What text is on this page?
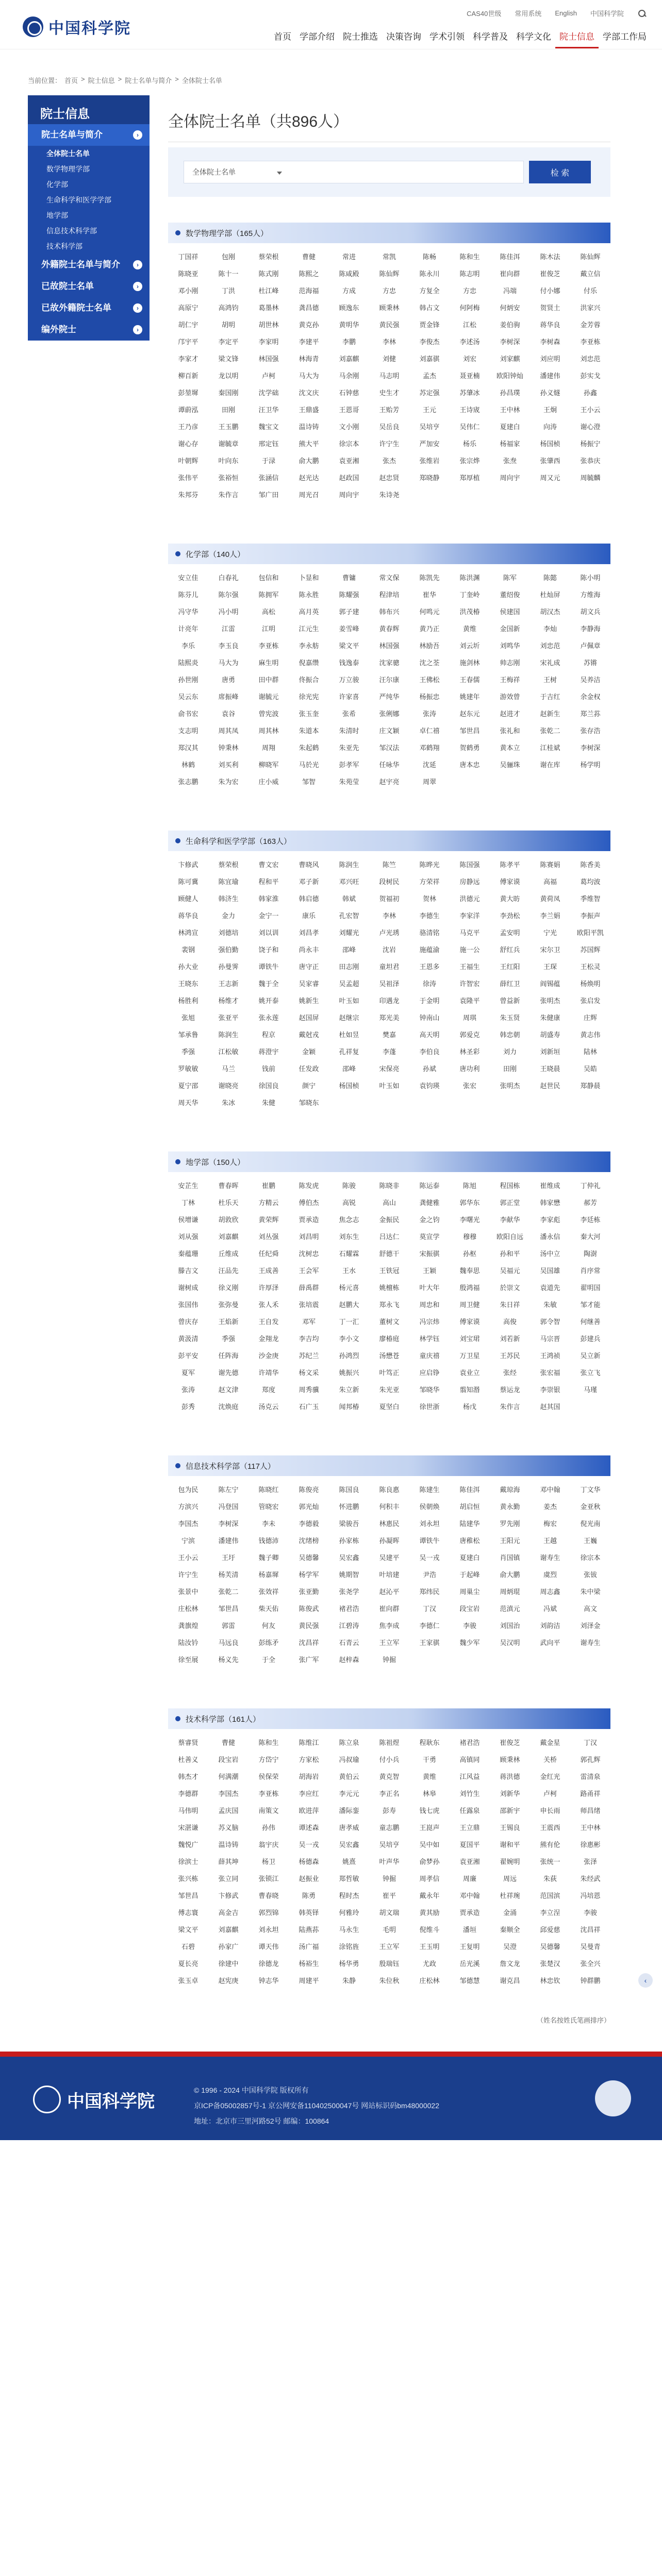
中国科学院
CAS40世级 常用系统 English 中国科学院
首页 学部介绍 院士推选 决策咨询 学术引领 科学普及 科学文化 院士信息 学部工作局
当前位置： 首页 > 院士信息 > 院士名单与简介 > 全体院士名单
院士信息
院士名单与简介	›
全体院士名单
数学物理学部
化学部
生命科学和医学学部
地学部
信息技术科学部
技术科学部
外籍院士名单与简介	›
已故院士名单	›
已故外籍院士名单	›
编外院士	›
全体院士名单（共896人）
全体院士名单	检 索
数学物理学部 （165人）
丁国祥	包刚	蔡荣根	曹健	常进	常凯	陈畅	陈和生	陈佳洱	陈木法	陈仙辉
陈晓亚	陈十一	陈式刚	陈熙之	陈咸殿	陈仙辉	陈永川	陈志明	崔向群	崔俊芝	戴立信
邓小刚	丁洪	杜江峰	范海福	方成	方忠	方复全	方忠	冯端	付小娜	付乐
高原宁	高鸿钧	葛墨林	龚昌德	顾逸东	顾秉林	韩占文	何阿梅	何炳安	贺贤土	洪家兴
胡仁宇	胡明	胡世林	黄克孙	黄明华	黄民强	贾金锋	江松	姜伯驹	蒋华良	金芳蓉
邝宇平	李定平	李家明	李建平	李鹏	李林	李俊杰	李述汤	李树深	李树森	李亚栋
李家才	梁文锋	林国强	林海青	刘嘉麒	刘健	刘嘉骐	刘宏	刘家麒	刘应明	刘忠范
柳百新	龙以明	卢柯	马大为	马余刚	马志明	孟杰	聂亚楠	欧阳钟灿	潘建伟	彭实戈
彭堃墀	秦国刚	沈学础	沈文庆	石钟慈	史生才	苏定强	苏肇冰	孙昌璞	孙义燧	孙鑫
谭蔚泓	田刚	汪卫华	王鼎盛	王恩哥	王贻芳	王元	王诗宬	王中林	王炯	王小云
王乃彦	王玉鹏	魏宝文	温诗铸	文小刚	吴岳良	吴培亨	吴伟仁	夏建白	向涛	谢心澄
谢心存	谢毓章	邢定钰	熊大平	徐宗本	许宁生	严加安	杨乐	杨福家	杨国桢	杨振宁
叶朝辉	叶向东	于渌	俞大鹏	袁亚湘	张杰	张维岩	张宗烨	张焘	张肇西	张恭庆
张伟平	张裕恒	张涵信	赵光达	赵政国	赵忠贤	郑晓静	郑厚植	周向宇	周又元	周毓麟
朱邦芬	朱作言	邹广田	周光召	周向宇	朱诗尧
化学部 （140人）
安立佳	白春礼	包信和	卜显和	曹镛	常文保	陈凯先	陈洪渊	陈军	陈懿	陈小明
陈芬儿	陈尔强	陈拥军	陈永胜	陈耀强	程津培	崔华	丁奎岭	董绍俊	杜灿屏	方维海
冯守华	冯小明	高松	高月英	郭子建	韩布兴	何鸣元	洪茂椿	侯建国	胡汉杰	胡文兵
计亮年	江雷	江明	江元生	姜雪峰	黄春辉	黄乃正	黄维	金国新	李灿	李静海
李乐	李玉良	李亚栋	李永舫	梁文平	林国强	林励吾	刘云圻	刘鸣华	刘忠范	卢佩章
陆熙炎	马大为	麻生明	倪嘉缵	钱逸泰	沈家骢	沈之荃	施剑林	帅志刚	宋礼成	苏锵
孙世刚	唐勇	田中群	佟振合	万立骏	汪尔康	王佛松	王春儒	王梅祥	王树	吴养洁
吴云东	席振峰	谢毓元	徐光宪	许家喜	严纯华	杨振忠	姚建年	游效曾	于吉红	余金权
俞书宏	袁谷	曾宪波	张玉奎	张希	张俐娜	张涛	赵东元	赵进才	赵新生	郑兰荪
支志明	周其凤	周其林	朱道本	朱清时	庄文颖	卓仁禧	邹世昌	张礼和	张乾二	张存浩
郑汉其	钟秉林	周翔	朱起鹤	朱亚先	邹汉法	邓鹤翔	贺鹤勇	黄本立	江桂斌	李树深
林鹤	刘买利	柳晓军	马於光	彭孝军	任咏华	沈延	唐本忠	吴骊珠	谢在库	杨学明
张志鹏	朱为宏	庄小威	邹智	朱苑莹	赵宇亮	周翠
生命科学和医学学部 （163人）
卞修武	蔡荣根	曹文宏	曹晓风	陈润生	陈竺	陈晔光	陈国强	陈孝平	陈赛娟	陈香美
陈可冀	陈宜瑜	程和平	邓子新	邓兴旺	段树民	方荣祥	房静远	傅家谟	高福	葛均波
顾健人	韩济生	韩家淮	韩启德	韩斌	贺福初	贺林	洪德元	黄大昉	黄荷凤	季维智
蒋华良	金力	金宁一	康乐	孔宏智	李林	李德生	李家洋	李劲松	李兰娟	李振声
林鸿宣	刘德培	刘以训	刘昌孝	刘耀光	卢光琇	骆清铭	马克平	孟安明	宁光	欧阳平凯
裴钢	强伯勤	饶子和	尚永丰	邵峰	沈岩	施蕴渝	施一公	舒红兵	宋尔卫	苏国辉
孙大业	孙曼霁	谭铁牛	唐守正	田志刚	童坦君	王恩多	王福生	王红阳	王琛	王松灵
王晓东	王志新	魏于全	吴家睿	吴孟超	吴祖泽	徐涛	许智宏	薛红卫	阎锡蕴	杨焕明
杨胜利	杨维才	姚开泰	姚新生	叶玉如	印遇龙	于金明	袁隆平	曾益新	张明杰	张启发
张旭	张亚平	张永莲	赵国屏	赵继宗	郑光美	钟南山	周琪	朱玉贤	朱健康	庄辉
邹承鲁	陈润生	程京	戴尅戎	杜如昱	樊嘉	高天明	郭爱克	韩忠朝	胡盛寿	黄志伟
季强	江松敏	蒋澄宇	金颖	孔祥复	李蓬	李伯良	林圣彩	刘力	刘新垣	陆林
罗敏敏	马兰	钱前	任发政	邵峰	宋保亮	孙斌	唐功利	田刚	王晓晨	吴皓
夏宁邵	谢晓亮	徐国良	颜宁	杨国桢	叶玉如	袁钧瑛	张宏	张明杰	赵世民	郑静晨
周天华	朱冰	朱健	邹晓东
地学部 （150人）
安芷生	曹春晖	崔鹏	陈发虎	陈骏	陈晓非	陈运泰	陈旭	程国栋	崔维成	丁仲礼
丁林	杜乐天	方精云	傅伯杰	高锐	高山	龚健雅	郭华东	郭正堂	韩家懋	郝芳
侯增谦	胡敦欣	黄荣辉	贾承造	焦念志	金振民	金之钧	李曙光	李献华	李家彪	李廷栋
刘从强	刘嘉麒	刘丛强	刘昌明	刘东生	吕达仁	莫宣学	穆穆	欧阳自远	潘永信	秦大河
秦蕴珊	丘维成	任纪舜	沈树忠	石耀霖	舒德干	宋振骐	孙枢	孙和平	汤中立	陶澍
滕吉文	汪品先	王成善	王会军	王水	王铁冠	王颖	魏奉思	吴福元	吴国雄	肖序常
谢树成	徐义刚	许厚泽	薛禹群	杨元喜	姚檀栋	叶大年	殷鸿福	於崇文	袁道先	翟明国
张国伟	张弥曼	张人禾	张培震	赵鹏大	郑永飞	周忠和	周卫健	朱日祥	朱敏	邹才能
曾庆存	王焰新	王自发	邓军	丁一汇	董树文	冯宗炜	傅家谟	高俊	郭令智	何继善
黄汲清	季强	金翔龙	李吉均	李小文	廖椿庭	林学钰	刘宝珺	刘若新	马宗晋	彭建兵
彭平安	任阵海	沙金庚	苏纪兰	孙鸿烈	汤懋苍	童庆禧	万卫星	王苏民	王鸿祯	吴立新
夏军	谢先德	许靖华	杨文采	姚振兴	叶笃正	应启铮	袁业立	张经	张宏福	张立飞
张涛	赵文津	郑度	周秀骥	朱立新	朱光亚	邹晓华	翦知湣	蔡运龙	李崇银	马瑾
彭秀	沈焕庭	汤克云	石广玉	闻邦椿	夏坚白	徐世浙	杨戊	朱作言	赵其国
信息技术科学部 （117人）
包为民	陈左宁	陈晓红	陈俊亮	陈国良	陈良惠	陈建生	陈佳洱	戴琼海	邓中翰	丁文华
方滨兴	冯登国	管晓宏	郭光灿	怀进鹏	何积丰	侯朝焕	胡启恒	黄永勤	姜杰	金亚秋
李国杰	李树深	李未	李德毅	梁骏吾	林惠民	刘永坦	陆建华	罗先刚	梅宏	倪光南
宁滨	潘建伟	钱德沛	沈绪榜	孙家栋	孙凝晖	谭铁牛	唐稚松	王阳元	王越	王巍
王小云	王圩	魏子卿	吴德馨	吴宏鑫	吴建平	吴一戎	夏建白	肖国镇	谢寿生	徐宗本
许宁生	杨芙清	杨嘉墀	杨学军	姚期智	叶培建	尹浩	于起峰	俞大鹏	虞烈	张钹
张景中	张乾二	张效祥	张亚勤	张尧学	赵沁平	郑纬民	周巢尘	周炳琨	周志鑫	朱中梁
庄松林	邹世昌	柴天佑	陈俊武	褚君浩	崔向群	丁汉	段宝岩	范滇元	冯斌	高文
龚旗煌	郭雷	何友	黄民强	江碧涛	焦李成	李德仁	李骏	刘国治	刘韵洁	刘泽金
陆汝钤	马远良	彭练矛	沈昌祥	石青云	王立军	王家骐	魏少军	吴汉明	武向平	谢寿生
徐至展	杨义先	于全	张广军	赵梓森	钟掘
技术科学部 （161人）
蔡睿贤	曹健	陈和生	陈维江	陈立泉	陈祖煜	程耿东	褚君浩	崔俊芝	戴金星	丁汉
杜善义	段宝岩	方岱宁	方家松	冯叔瑜	付小兵	干勇	高镇同	顾秉林	关桥	郭孔辉
韩杰才	何满潮	侯保荣	胡海岩	黄伯云	黄克智	黄维	江风益	蒋洪德	金红光	雷清泉
李德群	李国杰	李亚栋	李应红	李元元	李正名	林皋	刘竹生	刘新华	卢柯	路甬祥
马伟明	孟庆国	南策文	欧进萍	潘际銮	彭寿	钱七虎	任露泉	邵新宇	申长雨	师昌绪
宋湛谦	苏义脑	孙伟	谭述森	唐孝威	童志鹏	王崑声	王立鼎	王锡良	王震西	王中林
魏悦广	温诗铸	翁宇庆	吴一戎	吴宏鑫	吴培亨	吴中如	夏国平	谢和平	熊有伦	徐惠彬
徐滨士	薛其坤	杨卫	杨德森	姚熹	叶声华	俞梦孙	袁亚湘	翟婉明	张统一	张泽
张兴栋	张立同	张锁江	赵振业	郑哲敏	钟掘	周孝信	周廉	周远	朱荻	朱经武
邹世昌	卞修武	曹春晓	陈勇	程时杰	崔平	戴永年	邓中翰	杜祥琬	范国滨	冯培恩
傅志寰	高金吉	郭烈锦	韩英铎	何雅玲	胡文瑞	黄其励	贾承造	金涌	李立浧	李骏
梁文平	刘嘉麒	刘永坦	陆燕荪	马永生	毛明	倪维斗	潘垣	秦顺全	邱爱慈	沈昌祥
石碧	孙家广	谭天伟	汤广福	涂铭旌	王立军	王玉明	王复明	吴澄	吴德馨	吴曼青
夏长亮	徐建中	徐德龙	杨裕生	杨华勇	殷瑞钰	尤政	岳光溪	詹文龙	张楚汉	张全兴
张玉卓	赵宪庚	钟志华	周建平	朱静	朱位秋	庄松林	邹德慧	谢克昌	林忠钦	钟群鹏
（姓名按姓氏笔画排序）
‹
中国科学院
© 1996 - 2024 中国科学院 版权所有
京ICP备05002857号-1 京公网安备110402500047号 网站标识码bm48000022
地址：北京市三里河路52号 邮编：100864
